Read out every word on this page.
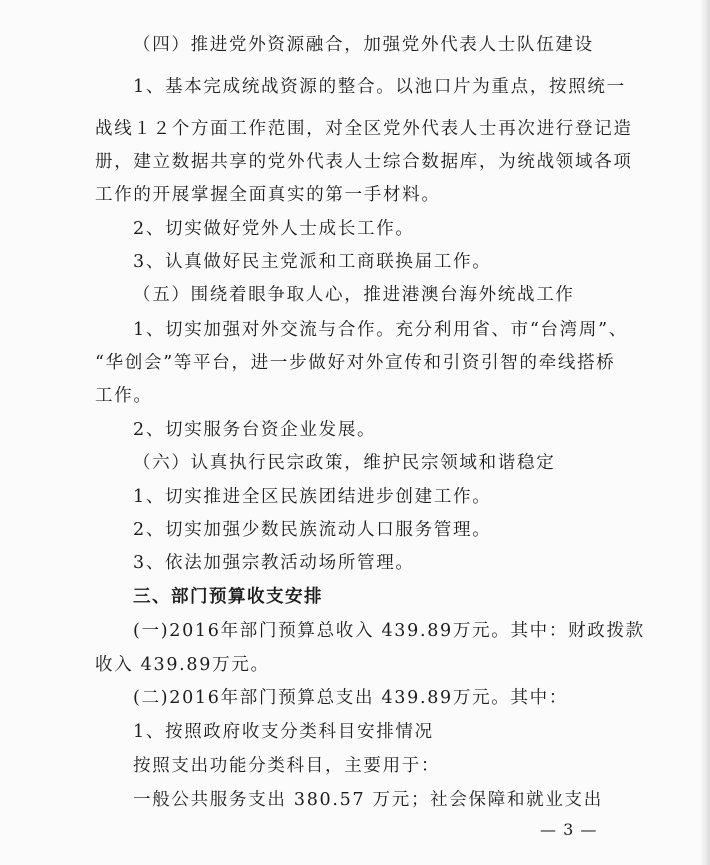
（四）推进党外资源融合，加强党外代表人士队伍建设
1、基本完成统战资源的整合。以池口片为重点，按照统一
战线１２个方面工作范围，对全区党外代表人士再次进行登记造
册，建立数据共享的党外代表人士综合数据库，为统战领域各项
工作的开展掌握全面真实的第一手材料。
2、切实做好党外人士成长工作。
3、认真做好民主党派和工商联换届工作。
（五）围绕着眼争取人心，推进港澳台海外统战工作
1、切实加强对外交流与合作。充分利用省、市“台湾周”、
“华创会”等平台，进一步做好对外宣传和引资引智的牵线搭桥
工作。
2、切实服务台资企业发展。
（六）认真执行民宗政策，维护民宗领域和谐稳定
1、切实推进全区民族团结进步创建工作。
2、切实加强少数民族流动人口服务管理。
3、依法加强宗教活动场所管理。
三、部门预算收支安排
(一)2016年部门预算总收入 439.89万元。其中：财政拨款
收入 439.89万元。
(二)2016年部门预算总支出 439.89万元。其中：
1、按照政府收支分类科目安排情况
按照支出功能分类科目，主要用于：
一般公共服务支出 380.57 万元；社会保障和就业支出
— 3 —
